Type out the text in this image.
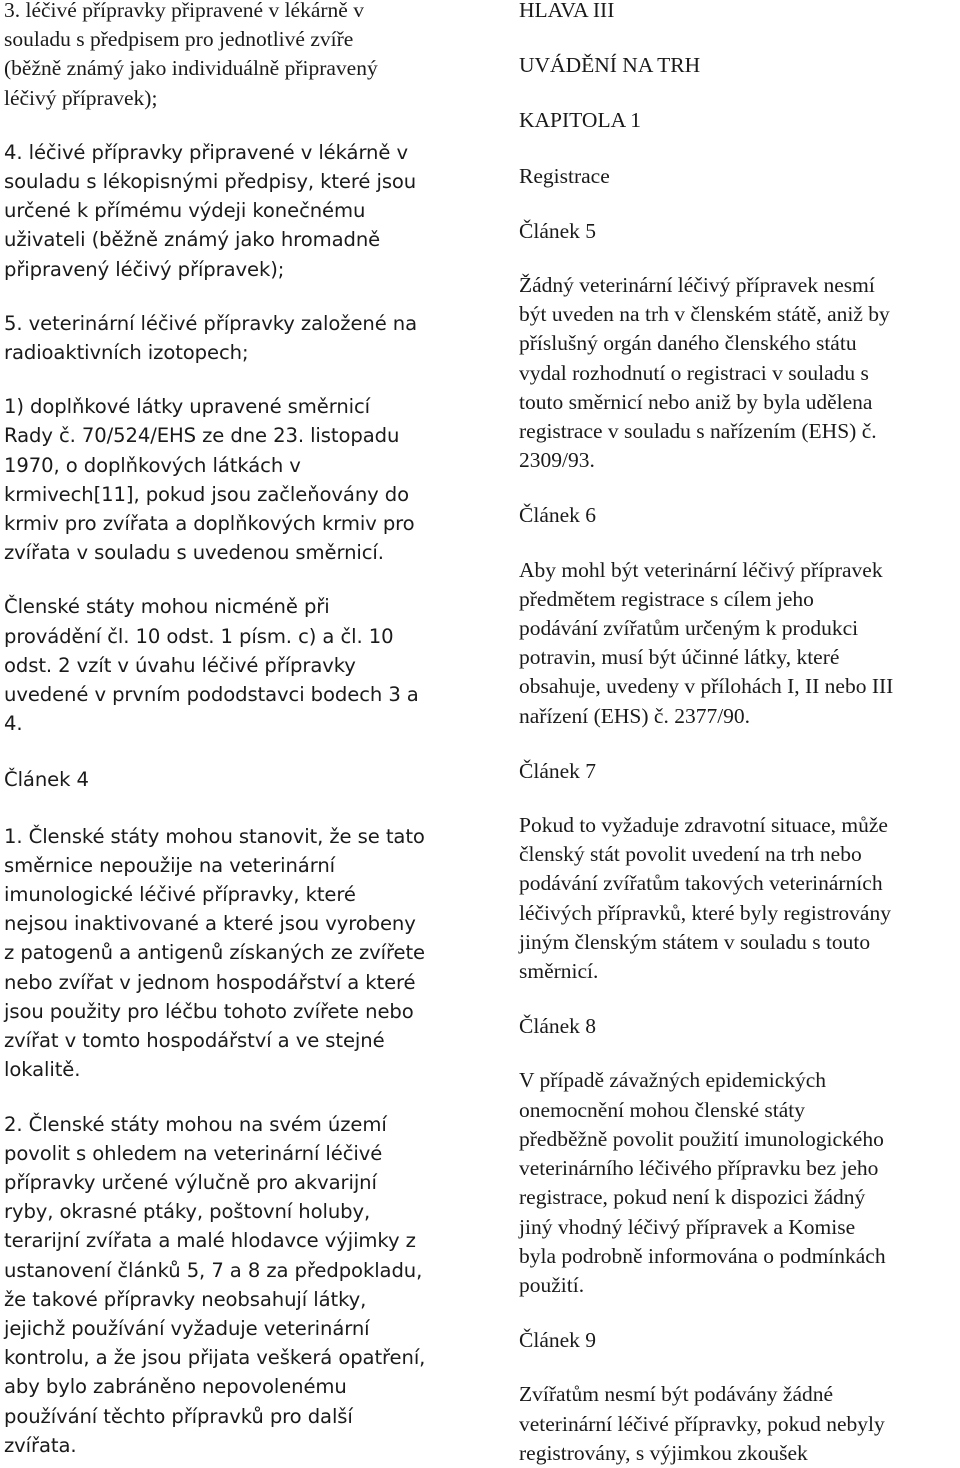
3. léčivé přípravky připravené v lékárně v
souladu s předpisem pro jednotlivé zvíře
(běžně známý jako individuálně připravený
léčivý přípravek);

4. léčivé přípravky připravené v lékárně v
souladu s lékopisnými předpisy, které jsou
určené k přímému výdeji konečnému
uživateli (běžně známý jako hromadně
připravený léčivý přípravek);

5. veterinární léčivé přípravky založené na
radioaktivních izotopech;

1) doplňkové látky upravené směrnicí
Rady č. 70/524/EHS ze dne 23. listopadu
1970, o doplňkových látkách v
krmivech[11], pokud jsou začleňovány do
krmiv pro zvířata a doplňkových krmiv pro
zvířata v souladu s uvedenou směrnicí.

Členské státy mohou nicméně při
provádění čl. 10 odst. 1 písm. c) a čl. 10
odst. 2 vzít v úvahu léčivé přípravky
uvedené v prvním pododstavci bodech 3 a
4.

Článek 4

1. Členské státy mohou stanovit, že se tato
směrnice nepoužije na veterinární
imunologické léčivé přípravky, které
nejsou inaktivované a které jsou vyrobeny
z patogenů a antigenů získaných ze zvířete
nebo zvířat v jednom hospodářství a které
jsou použity pro léčbu tohoto zvířete nebo
zvířat v tomto hospodářství a ve stejné
lokalitě.

2. Členské státy mohou na svém území
povolit s ohledem na veterinární léčivé
přípravky určené výlučně pro akvarijní
ryby, okrasné ptáky, poštovní holuby,
terarijní zvířata a malé hlodavce výjimky z
ustanovení článků 5, 7 a 8 za předpokladu,
že takové přípravky neobsahují látky,
jejichž používání vyžaduje veterinární
kontrolu, a že jsou přijata veškerá opatření,
aby bylo zabráněno nepovolenému
používání těchto přípravků pro další
zvířata.

HLAVA III

UVÁDĚNÍ NA TRH

KAPITOLA 1

Registrace

Článek 5

Žádný veterinární léčivý přípravek nesmí
být uveden na trh v členském státě, aniž by
příslušný orgán daného členského státu
vydal rozhodnutí o registraci v souladu s
touto směrnicí nebo aniž by byla udělena
registrace v souladu s nařízením (EHS) č.
2309/93.

Článek 6

Aby mohl být veterinární léčivý přípravek
předmětem registrace s cílem jeho
podávání zvířatům určeným k produkci
potravin, musí být účinné látky, které
obsahuje, uvedeny v přílohách I, II nebo III
nařízení (EHS) č. 2377/90.

Článek 7

Pokud to vyžaduje zdravotní situace, může
členský stát povolit uvedení na trh nebo
podávání zvířatům takových veterinárních
léčivých přípravků, které byly registrovány
jiným členským státem v souladu s touto
směrnicí.

Článek 8

V případě závažných epidemických
onemocnění mohou členské státy
předběžně povolit použití imunologického
veterinárního léčivého přípravku bez jeho
registrace, pokud není k dispozici žádný
jiný vhodný léčivý přípravek a Komise
byla podrobně informována o podmínkách
použití.

Článek 9

Zvířatům nesmí být podávány žádné
veterinární léčivé přípravky, pokud nebyly
registrovány, s výjimkou zkoušek
